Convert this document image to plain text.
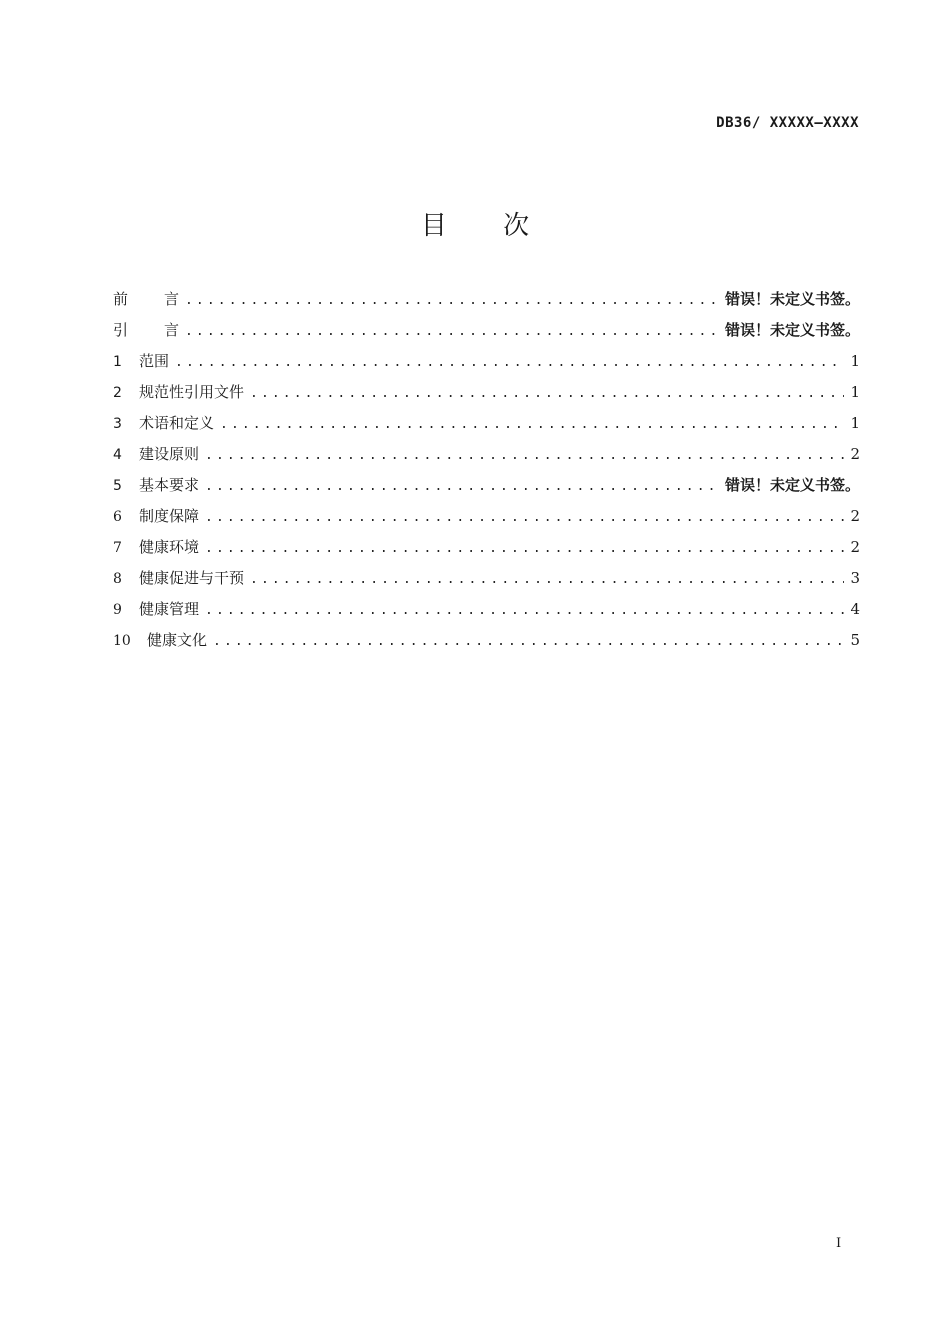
DB36/ XXXXX—XXXX
目 次
前 言 .....	错误！未定义书签。
引 言 .....	错误！未定义书签。
1	范围 .....	1
2	规范性引用文件 .....	1
3	术语和定义 .....	1
4	建设原则 .....	2
5	基本要求 .....	错误！未定义书签。
6	制度保障 .....	2
7	健康环境 .....	2
8	健康促进与干预 .....	3
9	健康管理 .....	4
10	健康文化 .....	5
I
